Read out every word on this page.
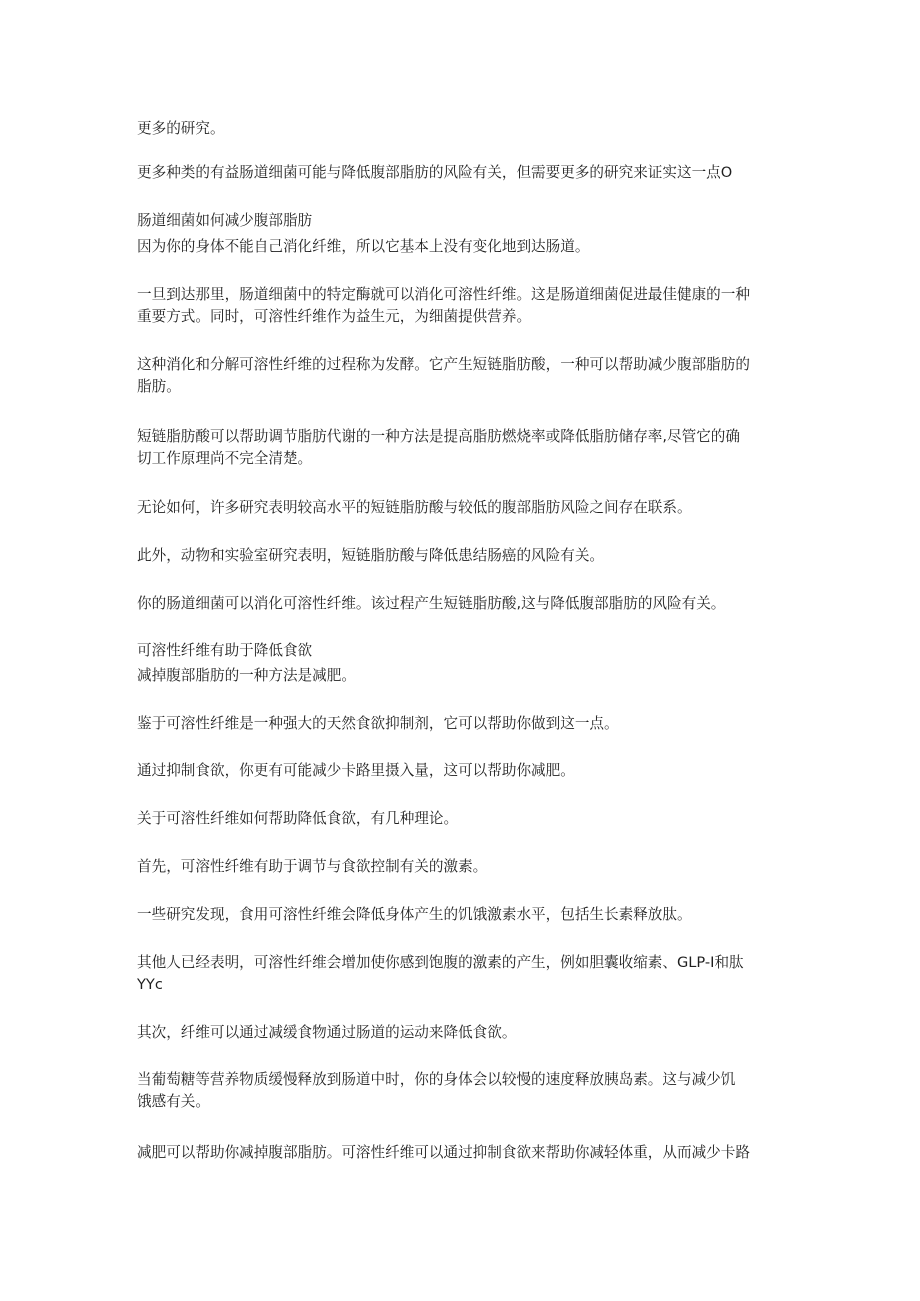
更多的研究。
更多种类的有益肠道细菌可能与降低腹部脂肪的风险有关，但需要更多的研究来证实这一点O
肠道细菌如何减少腹部脂肪
因为你的身体不能自己消化纤维，所以它基本上没有变化地到达肠道。
一旦到达那里，肠道细菌中的特定酶就可以消化可溶性纤维。这是肠道细菌促进最佳健康的一种
重要方式。同时，可溶性纤维作为益生元，为细菌提供营养。
这种消化和分解可溶性纤维的过程称为发酵。它产生短链脂肪酸，一种可以帮助减少腹部脂肪的
脂肪。
短链脂肪酸可以帮助调节脂肪代谢的一种方法是提高脂肪燃烧率或降低脂肪储存率,尽管它的确
切工作原理尚不完全清楚。
无论如何，许多研究表明较高水平的短链脂肪酸与较低的腹部脂肪风险之间存在联系。
此外，动物和实验室研究表明，短链脂肪酸与降低患结肠癌的风险有关。
你的肠道细菌可以消化可溶性纤维。该过程产生短链脂肪酸,这与降低腹部脂肪的风险有关。
可溶性纤维有助于降低食欲
减掉腹部脂肪的一种方法是减肥。
鉴于可溶性纤维是一种强大的天然食欲抑制剂，它可以帮助你做到这一点。
通过抑制食欲，你更有可能减少卡路里摄入量，这可以帮助你减肥。
关于可溶性纤维如何帮助降低食欲，有几种理论。
首先，可溶性纤维有助于调节与食欲控制有关的激素。
一些研究发现，食用可溶性纤维会降低身体产生的饥饿激素水平，包括生长素释放肽。
其他人已经表明，可溶性纤维会增加使你感到饱腹的激素的产生，例如胆囊收缩素、GLP-I和肽
YYc
其次，纤维可以通过减缓食物通过肠道的运动来降低食欲。
当葡萄糖等营养物质缓慢释放到肠道中时，你的身体会以较慢的速度释放胰岛素。这与减少饥
饿感有关。
减肥可以帮助你减掉腹部脂肪。可溶性纤维可以通过抑制食欲来帮助你减轻体重，从而减少卡路
